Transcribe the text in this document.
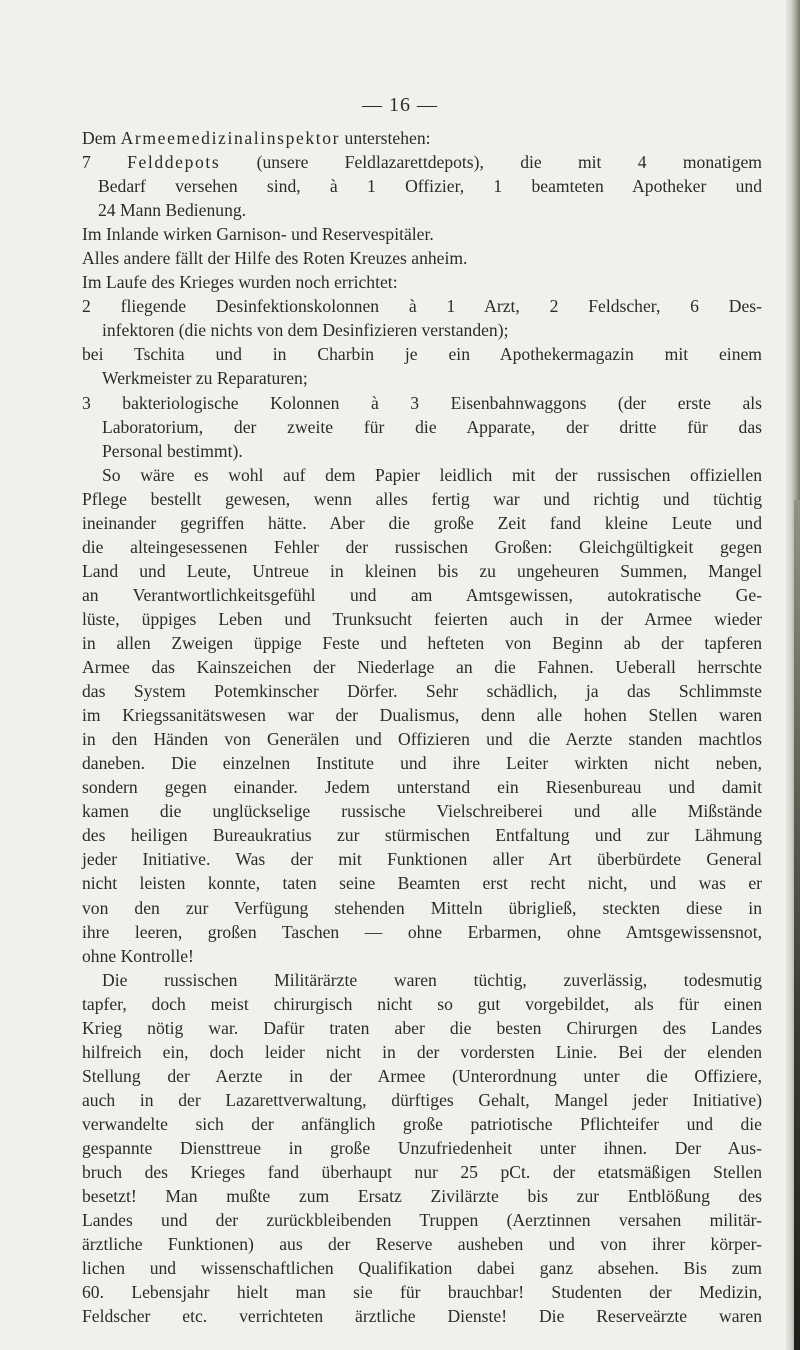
— 16 —
Dem Armeemedizinalinspektor unterstehen:
7 Felddepots (unsere Feldlazarettdepots), die mit 4 monatigem
Bedarf versehen sind, à 1 Offizier, 1 beamteten Apotheker und
24 Mann Bedienung.
Im Inlande wirken Garnison- und Reservespitäler.
Alles andere fällt der Hilfe des Roten Kreuzes anheim.
Im Laufe des Krieges wurden noch errichtet:
2 fliegende Desinfektionskolonnen à 1 Arzt, 2 Feldscher, 6 Des-
infektoren (die nichts von dem Desinfizieren verstanden);
bei Tschita und in Charbin je ein Apothekermagazin mit einem
Werkmeister zu Reparaturen;
3 bakteriologische Kolonnen à 3 Eisenbahnwaggons (der erste als
Laboratorium, der zweite für die Apparate, der dritte für das
Personal bestimmt).
So wäre es wohl auf dem Papier leidlich mit der russischen offiziellen
Pflege bestellt gewesen, wenn alles fertig war und richtig und tüchtig
ineinander gegriffen hätte. Aber die große Zeit fand kleine Leute und
die alteingesessenen Fehler der russischen Großen: Gleichgültigkeit gegen
Land und Leute, Untreue in kleinen bis zu ungeheuren Summen, Mangel
an Verantwortlichkeitsgefühl und am Amtsgewissen, autokratische Ge-
lüste, üppiges Leben und Trunksucht feierten auch in der Armee wieder
in allen Zweigen üppige Feste und hefteten von Beginn ab der tapferen
Armee das Kainszeichen der Niederlage an die Fahnen. Ueberall herrschte
das System Potemkinscher Dörfer. Sehr schädlich, ja das Schlimmste
im Kriegssanitätswesen war der Dualismus, denn alle hohen Stellen waren
in den Händen von Generälen und Offizieren und die Aerzte standen machtlos
daneben. Die einzelnen Institute und ihre Leiter wirkten nicht neben,
sondern gegen einander. Jedem unterstand ein Riesenbureau und damit
kamen die unglückselige russische Vielschreiberei und alle Mißstände
des heiligen Bureaukratius zur stürmischen Entfaltung und zur Lähmung
jeder Initiative. Was der mit Funktionen aller Art überbürdete General
nicht leisten konnte, taten seine Beamten erst recht nicht, und was er
von den zur Verfügung stehenden Mitteln übrigließ, steckten diese in
ihre leeren, großen Taschen — ohne Erbarmen, ohne Amtsgewissensnot,
ohne Kontrolle!
Die russischen Militärärzte waren tüchtig, zuverlässig, todesmutig
tapfer, doch meist chirurgisch nicht so gut vorgebildet, als für einen
Krieg nötig war. Dafür traten aber die besten Chirurgen des Landes
hilfreich ein, doch leider nicht in der vordersten Linie. Bei der elenden
Stellung der Aerzte in der Armee (Unterordnung unter die Offiziere,
auch in der Lazarettverwaltung, dürftiges Gehalt, Mangel jeder Initiative)
verwandelte sich der anfänglich große patriotische Pflichteifer und die
gespannte Diensttreue in große Unzufriedenheit unter ihnen. Der Aus-
bruch des Krieges fand überhaupt nur 25 pCt. der etatsmäßigen Stellen
besetzt! Man mußte zum Ersatz Zivilärzte bis zur Entblößung des
Landes und der zurückbleibenden Truppen (Aerztinnen versahen militär-
ärztliche Funktionen) aus der Reserve ausheben und von ihrer körper-
lichen und wissenschaftlichen Qualifikation dabei ganz absehen. Bis zum
60. Lebensjahr hielt man sie für brauchbar! Studenten der Medizin,
Feldscher etc. verrichteten ärztliche Dienste! Die Reserveärzte waren
